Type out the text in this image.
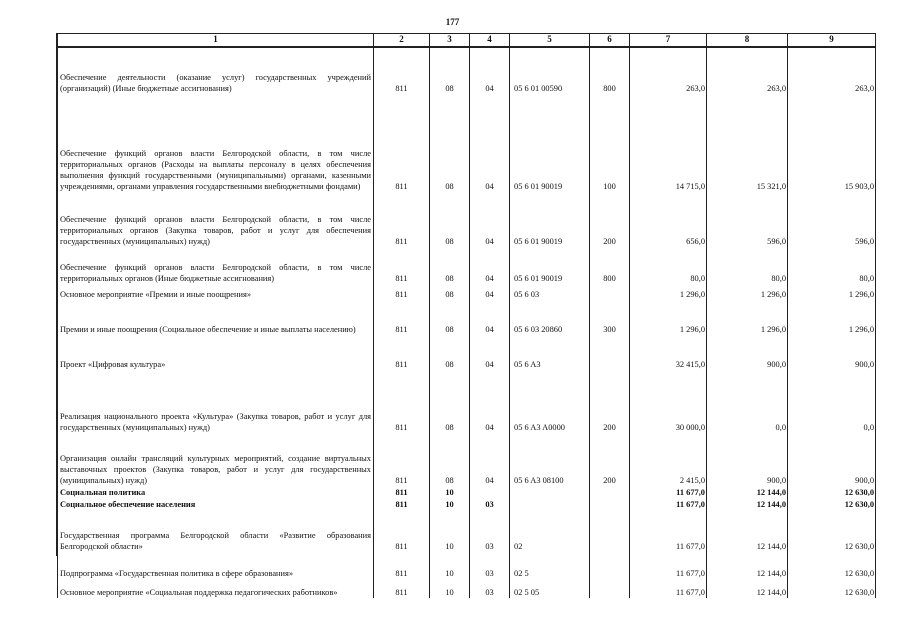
177
1	2	3	4	5	6	7	8	9
Обеспечение деятельности (оказание услуг) государственных учреждений (организаций) (Иные бюджетные ассигнования)	811	08	04	05 6 01 00590	800	263,0	263,0	263,0
Обеспечение функций органов власти Белгородской области, в том числе территориальных органов (Расходы на выплаты персоналу в целях обеспечения выполнения функций государственными (муниципальными) органами, казенными учреждениями, органами управления государственными внебюджетными фондами)	811	08	04	05 6 01 90019	100	14 715,0	15 321,0	15 903,0
Обеспечение функций органов власти Белгородской области, в том числе территориальных органов (Закупка товаров, работ и услуг для обеспечения государственных (муниципальных) нужд)	811	08	04	05 6 01 90019	200	656,0	596,0	596,0
Обеспечение функций органов власти Белгородской области, в том числе территориальных органов (Иные бюджетные ассигнования)	811	08	04	05 6 01 90019	800	80,0	80,0	80,0
Основное мероприятие «Премии и иные поощрения»	811	08	04	05 6 03		1 296,0	1 296,0	1 296,0
Премии и иные поощрения (Социальное обеспечение и иные выплаты населению)	811	08	04	05 6 03 20860	300	1 296,0	1 296,0	1 296,0
Проект «Цифровая культура»	811	08	04	05 6 A3		32 415,0	900,0	900,0
Реализация национального проекта «Культура» (Закупка товаров, работ и услуг для государственных (муниципальных) нужд)	811	08	04	05 6 A3 A0000	200	30 000,0	0,0	0,0
Организация онлайн трансляций культурных мероприятий, создание виртуальных выставочных проектов (Закупка товаров, работ и услуг для государственных (муниципальных) нужд)	811	08	04	05 6 A3 08100	200	2 415,0	900,0	900,0
Социальная политика	811	10				11 677,0	12 144,0	12 630,0
Социальное обеспечение населения	811	10	03			11 677,0	12 144,0	12 630,0
Государственная программа Белгородской области «Развитие образования Белгородской области»	811	10	03	02		11 677,0	12 144,0	12 630,0
Подпрограмма «Государственная политика в сфере образования»	811	10	03	02 5		11 677,0	12 144,0	12 630,0
Основное мероприятие «Социальная поддержка педагогических работников»	811	10	03	02 5 05		11 677,0	12 144,0	12 630,0
